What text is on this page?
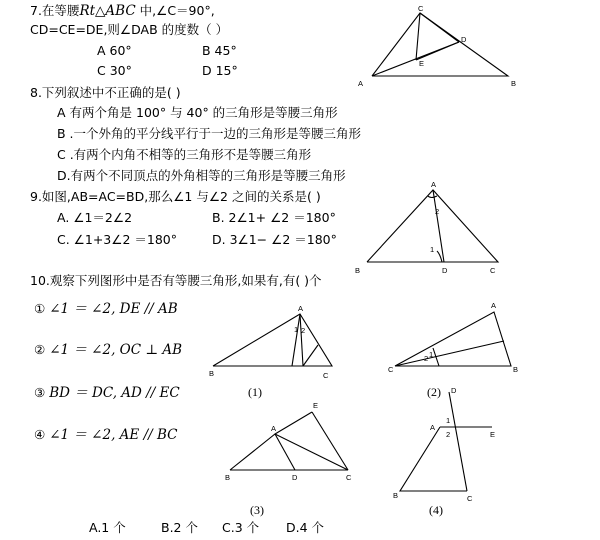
7.在等腰Rt△ABC 中,∠C＝90°,
CD=CE=DE,则∠DAB 的度数（ ）
A 60°	B 45°
C 30°	D 15°
C
D
E
A	B
8.下列叙述中不正确的是( )
A 有两个角是 100° 与 40° 的三角形是等腰三角形
B .一个外角的平分线平行于一边的三角形是等腰三角形
C .有两个内角不相等的三角形不是等腰三角形
D.有两个不同顶点的外角相等的三角形是等腰三角形
9.如图,AB=AC=BD,那么∠1 与∠2 之间的关系是( )
A. ∠1＝2∠2	B. 2∠1+ ∠2 ＝180°
C. ∠1+3∠2 ＝180°	D. 3∠1− ∠2 ＝180°
A
B	D	C
2
1
10.观察下列图形中是否有等腰三角形,如果有,有( )个
① ∠1 ＝ ∠2, DE // AB
② ∠1 ＝ ∠2, OC ⊥ AB
③ BD ＝ DC, AD // EC
④ ∠1 ＝ ∠2, AE // BC
A
B	C
1 2
(1)
A
C	B
1
2
(2)
A
B	D	C
E
(3)
D
A
E
B	C
1
2
(4)
A.1 个	B.2 个 C.3 个 D.4 个
